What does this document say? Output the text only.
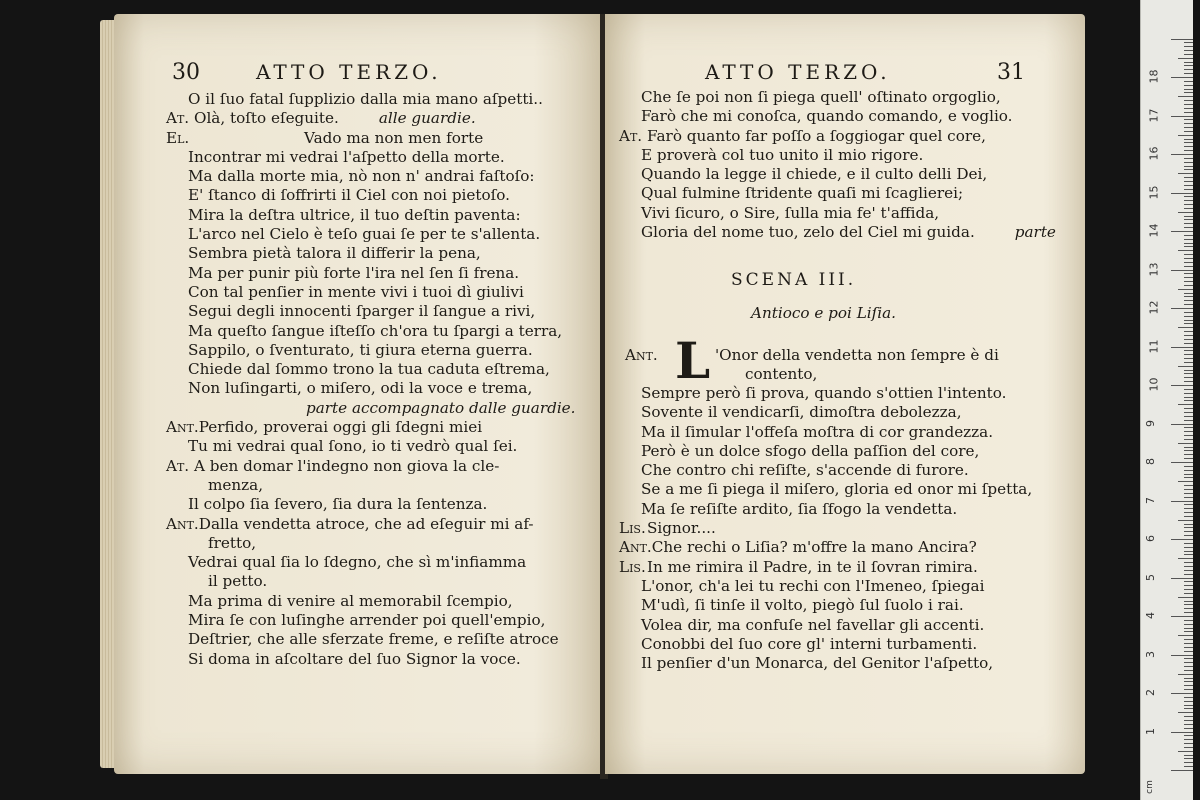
30	ATTO TERZO.
O il ſuo fatal ſupplizio dalla mia mano aſpetti..
At.Olà, toſto eſeguite.	alle guardie.
El.	Vado ma non men forte
Incontrar mi vedrai l'aſpetto della morte.
Ma dalla morte mia, nò non n' andrai faſtoſo:
E' ſtanco di ſoffrirti il Ciel con noi pietoſo.
Mira la deſtra ultrice, il tuo deſtin paventa:
L'arco nel Cielo è teſo guai ſe per te s'allenta.
Sembra pietà talora il differir la pena,
Ma per punir più forte l'ira nel ſen ſi frena.
Con tal penſier in mente vivi i tuoi dì giulivi
Segui degli innocenti ſparger il ſangue a rivi,
Ma queſto ſangue iſteſſo ch'ora tu ſpargi a terra,
Sappilo, o ſventurato, ti giura eterna guerra.
Chiede dal ſommo trono la tua caduta eſtrema,
Non luſingarti, o miſero, odi la voce e trema,
parte accompagnato dalle guardie.
Ant.Perfido, proverai oggi gli ſdegni miei
Tu mi vedrai qual ſono, io ti vedrò qual ſei.
At.A ben domar l'indegno non giova la cle-
menza,
Il colpo ſia ſevero, ſia dura la ſentenza.
Ant.Dalla vendetta atroce, che ad eſeguir mi af-
fretto,
Vedrai qual ſia lo ſdegno, che sì m'infiamma
il petto.
Ma prima di venire al memorabil ſcempio,
Mira ſe con luſinghe arrender poi quell'empio,
Deſtrier, che alle sferzate freme, e reſiſte atroce
Si doma in aſcoltare del ſuo Signor la voce.
ATTO TERZO.	31
Che ſe poi non ſi piega quell' oſtinato orgoglio,
Farò che mi conoſca, quando comando, e voglio.
At.Farò quanto far poſſo a ſoggiogar quel core,
E proverà col tuo unito il mio rigore.
Quando la legge il chiede, e il culto delli Dei,
Qual fulmine ſtridente quaſi mi ſcaglierei;
Vivi ſicuro, o Sire, ſulla mia fe' t'affida,
Gloria del nome tuo, zelo del Ciel mi guida.	parte
SCENA III.
Antioco e poi Liſia.
Ant. L 'Onor della vendetta non ſempre è di
contento,
Sempre però ſi prova, quando s'ottien l'intento.
Sovente il vendicarſi, dimoſtra debolezza,
Ma il ſimular l'offeſa moſtra di cor grandezza.
Però è un dolce sfogo della paſſion del core,
Che contro chi reſiſte, s'accende di furore.
Se a me ſi piega il miſero, gloria ed onor mi ſpetta,
Ma ſe reſiſte ardito, ſia ſfogo la vendetta.
Lis.Signor....
Ant.Che rechi o Liſia? m'offre la mano Ancira?
Lis.In me rimira il Padre, in te il ſovran rimira.
L'onor, ch'a lei tu rechi con l'Imeneo, ſpiegai
M'udì, ſi tinſe il volto, piegò ſul ſuolo i rai.
Volea dir, ma confuſe nel favellar gli accenti.
Conobbi del ſuo core gl' interni turbamenti.
Il penſier d'un Monarca, del Genitor l'aſpetto,
cm
1
2
3
4
5
6
7
8
9
10
11
12
13
14
15
16
17
18
